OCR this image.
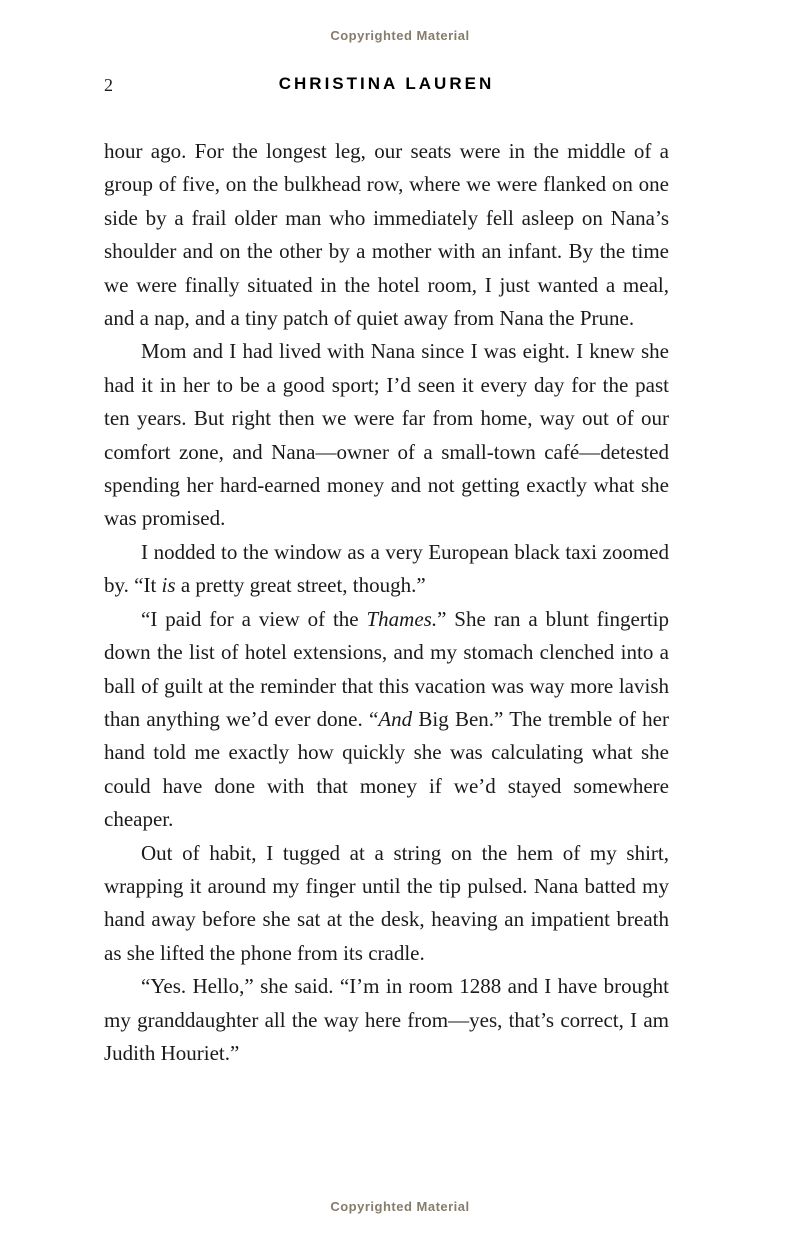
Copyrighted Material
2	CHRISTINA LAUREN

hour ago. For the longest leg, our seats were in the middle of a group of five, on the bulkhead row, where we were flanked on one side by a frail older man who immediately fell asleep on Nana’s shoulder and on the other by a mother with an infant. By the time we were finally situated in the hotel room, I just wanted a meal, and a nap, and a tiny patch of quiet away from Nana the Prune.

Mom and I had lived with Nana since I was eight. I knew she had it in her to be a good sport; I’d seen it every day for the past ten years. But right then we were far from home, way out of our comfort zone, and Nana—owner of a small-town café—detested spending her hard-earned money and not getting exactly what she was promised.

I nodded to the window as a very European black taxi zoomed by. “It is a pretty great street, though.”

“I paid for a view of the Thames.” She ran a blunt fingertip down the list of hotel extensions, and my stomach clenched into a ball of guilt at the reminder that this vacation was way more lavish than anything we’d ever done. “And Big Ben.” The tremble of her hand told me exactly how quickly she was calculating what she could have done with that money if we’d stayed somewhere cheaper.

Out of habit, I tugged at a string on the hem of my shirt, wrapping it around my finger until the tip pulsed. Nana batted my hand away before she sat at the desk, heaving an impatient breath as she lifted the phone from its cradle.

“Yes. Hello,” she said. “I’m in room 1288 and I have brought my granddaughter all the way here from—yes, that’s correct, I am Judith Houriet.”

Copyrighted Material
